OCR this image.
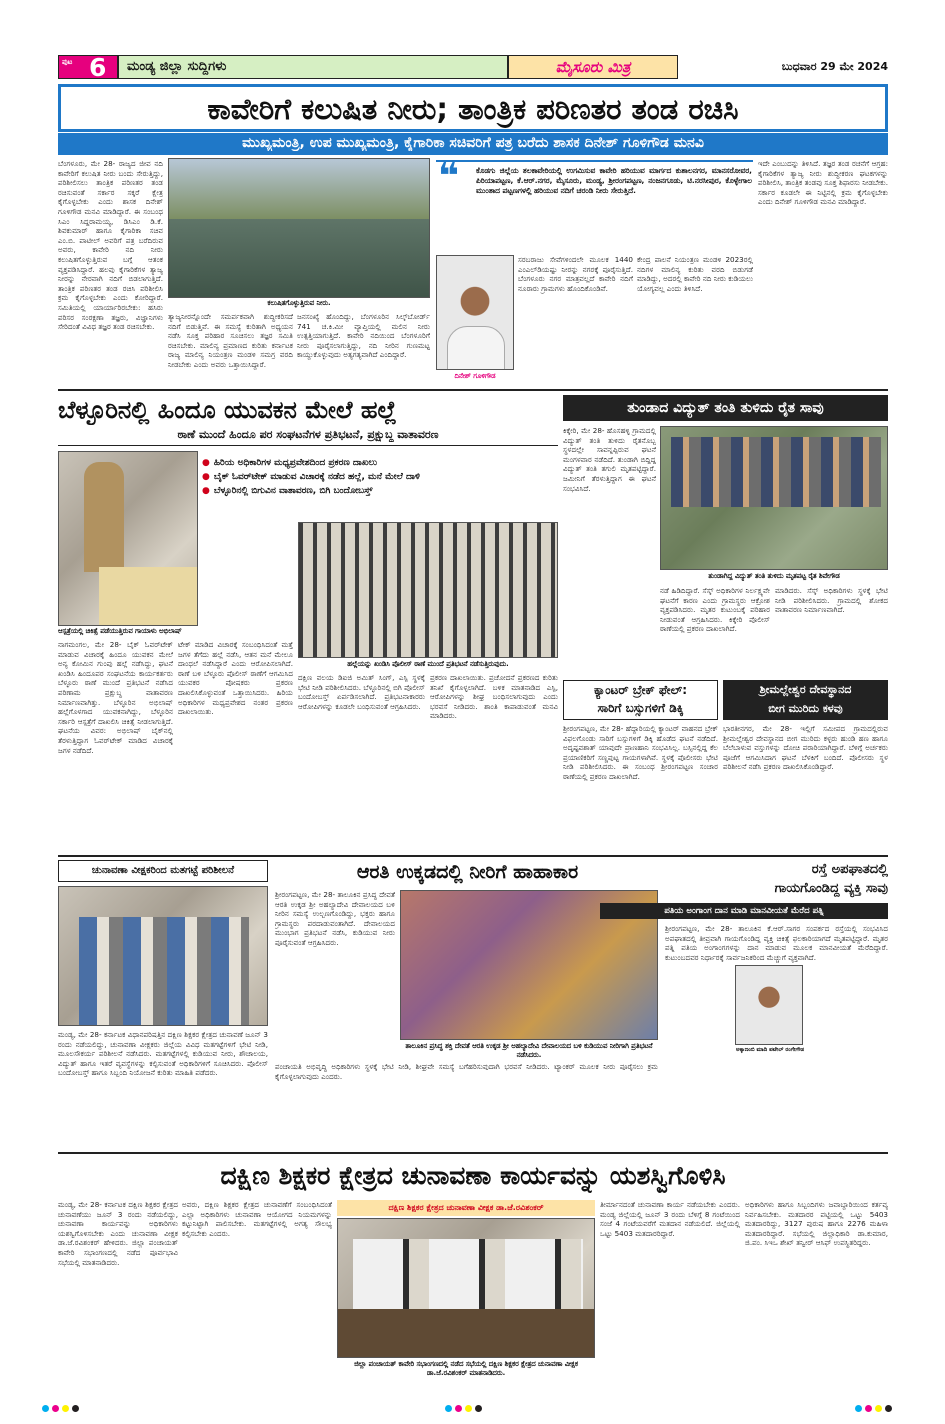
ಪುಟ 6 ಮಂಡ್ಯ ಜಿಲ್ಲಾ ಸುದ್ದಿಗಳು	ಮೈಸೂರು ಮಿತ್ರ	ಬುಧವಾರ 29 ಮೇ 2024
ಕಾವೇರಿಗೆ ಕಲುಷಿತ ನೀರು; ತಾಂತ್ರಿಕ ಪರಿಣತರ ತಂಡ ರಚಿಸಿ
ಮುಖ್ಯಮಂತ್ರಿ, ಉಪ ಮುಖ್ಯಮಂತ್ರಿ, ಕೈಗಾರಿಕಾ ಸಚಿವರಿಗೆ ಪತ್ರ ಬರೆದು ಶಾಸಕ ದಿನೇಶ್ ಗೂಳಿಗೌಡ ಮನವಿ
ಬೆಂಗಳೂರು, ಮೇ 28- ರಾಜ್ಯದ ಜೀವ ನದಿ ಕಾವೇರಿಗೆ ಕಲುಷಿತ ನೀರು ಬಂದು ಸೇರುತ್ತಿದ್ದು, ಪರಿಶೀಲಿಸಲು ತಾಂತ್ರಿಕ ಪರಿಣತರ ತಂಡ ರಚಿಸುವಂತೆ ಸರ್ಕಾರ ಸಕ್ಕರೆ ಕ್ಷೇತ್ರ ಕೈಗೊಳ್ಳಬೇಕು ಎಂದು ಶಾಸಕ ದಿನೇಶ್ ಗೂಳಿಗೌಡ ಮನವಿ ಮಾಡಿದ್ದಾರೆ. ಈ ಸಂಬಂಧ ಸಿಎಂ ಸಿದ್ದರಾಮಯ್ಯ, ಡಿಸಿಎಂ ಡಿ.ಕೆ. ಶಿವಕುಮಾರ್ ಹಾಗೂ ಕೈಗಾರಿಕಾ ಸಚಿವ ಎಂ.ಬಿ. ಪಾಟೀಲ್ ಅವರಿಗೆ ಪತ್ರ ಬರೆದಿರುವ ಅವರು, ಕಾವೇರಿ ನದಿ ನೀರು ಕಲುಷಿತಗೊಳ್ಳುತ್ತಿರುವ ಬಗ್ಗೆ ಆತಂಕ ವ್ಯಕ್ತಪಡಿಸಿದ್ದಾರೆ. ಹಲವು ಕೈಗಾರಿಕೆಗಳ ತ್ಯಾಜ್ಯ ನೀರನ್ನು ನೇರವಾಗಿ ನದಿಗೆ ಬಿಡಲಾಗುತ್ತಿದೆ. ತಾಂತ್ರಿಕ ಪರಿಣತರ ತಂಡ ರಚಿಸಿ ಪರಿಶೀಲಿಸಿ ಕ್ರಮ ಕೈಗೊಳ್ಳಬೇಕು ಎಂದು ಕೋರಿದ್ದಾರೆ. ಸಮಿತಿಯಲ್ಲಿ ಯಾರ್ಯಾರಿರಬೇಕು: ಹಸಿರು ಪರಿಸರ ಸಂರಕ್ಷಣಾ ತಜ್ಞರು, ವಿಜ್ಞಾನಿಗಳು ಸೇರಿದಂತೆ ವಿವಿಧ ತಜ್ಞರ ತಂಡ ರಚಿಸಬೇಕು.
ಕಲುಷಿತಗೊಳ್ಳುತ್ತಿರುವ ನೀರು.
ತ್ಯಾಜ್ಯನೀರನ್ನೊಂದೇ ಸಮರ್ಪಕವಾಗಿ ಶುದ್ಧೀಕರಿಸದೆ ನದಿಗೆ ಬಿಡುತ್ತಿವೆ. ಈ ಸಮಸ್ಯೆ ಕುರಿತಾಗಿ ಅಧ್ಯಯನ ನಡೆಸಿ ಸೂಕ್ತ ಪರಿಹಾರ ಸೂಚಿಸಲು ತಜ್ಞರ ಸಮಿತಿ ರಚಿಸಬೇಕು. ಮಾಲಿನ್ಯ ಪ್ರಮಾಣದ ಕುರಿತು ಕರ್ನಾಟಕ ರಾಜ್ಯ ಮಾಲಿನ್ಯ ನಿಯಂತ್ರಣ ಮಂಡಳಿ ಸಮಗ್ರ ವರದಿ ನೀಡಬೇಕು ಎಂದು ಅವರು ಒತ್ತಾಯಿಸಿದ್ದಾರೆ.
ಜನಸಂಖ್ಯೆ ಹೊಂದಿದ್ದು, ಬೆಂಗಳೂರಿನ ಸಿಲ್ಕ್‌ಬೋರ್ಡ್ 741 ಚ.ಕಿ.ಮೀ ವ್ಯಾಪ್ತಿಯಲ್ಲಿ ಮಲಿನ ನೀರು ಉತ್ಪತ್ತಿಯಾಗುತ್ತಿದೆ. ಕಾವೇರಿ ನದಿಯಿಂದ ಬೆಂಗಳೂರಿಗೆ ನೀರು ಪೂರೈಸಲಾಗುತ್ತಿದ್ದು, ನದಿ ನೀರಿನ ಗುಣಮಟ್ಟ ಕಾಯ್ದುಕೊಳ್ಳುವುದು ಅತ್ಯಗತ್ಯವಾಗಿದೆ ಎಂದಿದ್ದಾರೆ.
❝ ಕೊಡಗು ಜಿಲ್ಲೆಯ ತಲಕಾವೇರಿಯಲ್ಲಿ ಉಗಮಿಸುವ ಕಾವೇರಿ ಹರಿಯುವ ಮಾರ್ಗದ ಕುಶಾಲನಗರ, ಮಾನಸರೋವರ, ಪಿರಿಯಾಪಟ್ಟಣ, ಕೆ.ಆರ್.ನಗರ, ಮೈಸೂರು, ಮಂಡ್ಯ, ಶ್ರೀರಂಗಪಟ್ಟಣ, ನಂಜನಗೂಡು, ಟಿ.ನರಸೀಪುರ, ಕೊಳ್ಳೇಗಾಲ ಮುಂತಾದ ಪಟ್ಟಣಗಳಲ್ಲಿ ಹರಿಯುವ ನದಿಗೆ ಚರಂಡಿ ನೀರು ಸೇರುತ್ತಿದೆ.
ದಿನೇಶ್ ಗೂಳಿಗೌಡ
ಸರಬರಾಜು ಸೇವೆಗಳಿಂದಲೇ ಮೂಲಕ 1440 ಎಂಎಲ್‌ಡಿಯಷ್ಟು ನೀರನ್ನು ನಗರಕ್ಕೆ ಪೂರೈಸುತ್ತಿದೆ. ಬೆಂಗಳೂರು ನಗರ ಮಾತ್ರವಲ್ಲದೆ ಕಾವೇರಿ ನದಿಗೆ ನೂರಾರು ಗ್ರಾಮಗಳು ಹೊಂದಿಕೊಂಡಿವೆ.
ಕೇಂದ್ರ ಪಾಲನೆ ನಿಯಂತ್ರಣ ಮಂಡಳಿ 2023ರಲ್ಲಿ ನದಿಗಳ ಮಾಲಿನ್ಯ ಕುರಿತು ವರದಿ ಬಿಡುಗಡೆ ಮಾಡಿದ್ದು, ಅದರಲ್ಲಿ ಕಾವೇರಿ ನದಿ ನೀರು ಕುಡಿಯಲು ಯೋಗ್ಯವಲ್ಲ ಎಂದು ತಿಳಿಸಿದೆ.
ಇದೇ ಎಂಬುದನ್ನು ತಿಳಿಸಿದೆ. ತಜ್ಞರ ತಂಡ ರಚನೆಗೆ ಆಗ್ರಹ: ಕೈಗಾರಿಕೆಗಳ ತ್ಯಾಜ್ಯ ನೀರು ಶುದ್ಧೀಕರಣ ಘಟಕಗಳನ್ನು ಪರಿಶೀಲಿಸಿ, ತಾಂತ್ರಿಕ ತಂಡವು ಸೂಕ್ತ ಶಿಫಾರಸು ನೀಡಬೇಕು. ಸರ್ಕಾರ ಕೂಡಲೇ ಈ ನಿಟ್ಟಿನಲ್ಲಿ ಕ್ರಮ ಕೈಗೊಳ್ಳಬೇಕು ಎಂದು ದಿನೇಶ್ ಗೂಳಿಗೌಡ ಮನವಿ ಮಾಡಿದ್ದಾರೆ.
ಬೆಳ್ಳೂರಿನಲ್ಲಿ ಹಿಂದೂ ಯುವಕನ ಮೇಲೆ ಹಲ್ಲೆ
ಠಾಣೆ ಮುಂದೆ ಹಿಂದೂ ಪರ ಸಂಘಟನೆಗಳ ಪ್ರತಿಭಟನೆ, ಪ್ರಕ್ಷುಬ್ಧ ವಾತಾವರಣ
● ಹಿರಿಯ ಅಧಿಕಾರಿಗಳ ಮಧ್ಯಪ್ರವೇಶದಿಂದ ಪ್ರಕರಣ ದಾಖಲು
● ಬೈಕ್ ಓವರ್‌ಟೇಕ್ ಮಾಡುವ ವಿಚಾರಕ್ಕೆ ನಡೆದ ಹಲ್ಲೆ, ಮನೆ ಮೇಲೆ ದಾಳಿ
● ಬೆಳ್ಳೂರಿನಲ್ಲಿ ಬಿಗುವಿನ ವಾತಾವರಣ, ಬಿಗಿ ಬಂದೋಬಸ್ತ್
ಆಸ್ಪತ್ರೆಯಲ್ಲಿ ಚಿಕಿತ್ಸೆ ಪಡೆಯುತ್ತಿರುವ ಗಾಯಾಳು ಅಭಿಲಾಷ್
ಹಲ್ಲೆಯನ್ನು ಖಂಡಿಸಿ ಪೊಲೀಸ್ ಠಾಣೆ ಮುಂದೆ ಪ್ರತಿಭಟನೆ ನಡೆಸುತ್ತಿರುವುದು.
ನಾಗಮಂಗಲ, ಮೇ 28- ಬೈಕ್ ಓವರ್‌ಟೇಕ್ ಮಾಡುವ ವಿಚಾರಕ್ಕೆ ಹಿಂದೂ ಯುವಕನ ಮೇಲೆ ಅನ್ಯ ಕೋಮಿನ ಗುಂಪು ಹಲ್ಲೆ ನಡೆಸಿದ್ದು, ಘಟನೆ ಖಂಡಿಸಿ ಹಿಂದೂಪರ ಸಂಘಟನೆಯ ಕಾರ್ಯಕರ್ತರು ಬೆಳ್ಳೂರು ಠಾಣೆ ಮುಂದೆ ಪ್ರತಿಭಟನೆ ನಡೆಸಿದ ಪರಿಣಾಮ ಪ್ರಕ್ಷುಬ್ಧ ವಾತಾವರಣ ನಿರ್ಮಾಣವಾಗಿತ್ತು. ಬೆಳ್ಳೂರಿನ ಅಭಿಲಾಷ್ ಹಲ್ಲೆಗೊಳಗಾದ ಯುವಕನಾಗಿದ್ದು, ಬೆಳ್ಳೂರಿನ ಸರ್ಕಾರಿ ಆಸ್ಪತ್ರೆಗೆ ದಾಖಲಿಸಿ ಚಿಕಿತ್ಸೆ ನೀಡಲಾಗುತ್ತಿದೆ. ಘಟನೆಯ ವಿವರ: ಅಭಿಲಾಷ್ ಬೈಕ್‌ನಲ್ಲಿ ತೆರಳುತ್ತಿದ್ದಾಗ ಓವರ್‌ಟೇಕ್ ಮಾಡಿದ ವಿಚಾರಕ್ಕೆ ಜಗಳ ನಡೆದಿದೆ.
ಟೇಕ್ ಮಾಡಿದ ವಿಚಾರಕ್ಕೆ ಸಂಬಂಧಿಸಿದಂತೆ ಮತ್ತೆ ಜಗಳ ತೆಗೆದು ಹಲ್ಲೆ ನಡೆಸಿ, ಆತನ ಮನೆ ಮೇಲೂ ದಾಂಧಲೆ ನಡೆಸಿದ್ದಾರೆ ಎಂದು ಆರೋಪಿಸಲಾಗಿದೆ. ಠಾಣೆ ಬಳಿ ಬೆಳ್ಳೂರು ಪೊಲೀಸ್ ಠಾಣೆಗೆ ಆಗಮಿಸಿದ ಯುವಕರ ಪೋಷಕರು ಪ್ರಕರಣ ದಾಖಲಿಸಿಕೊಳ್ಳುವಂತೆ ಒತ್ತಾಯಿಸಿದರು. ಹಿರಿಯ ಅಧಿಕಾರಿಗಳ ಮಧ್ಯಪ್ರವೇಶದ ನಂತರ ಪ್ರಕರಣ ದಾಖಲಾಯಿತು.
ದಕ್ಷಿಣ ವಲಯ ಡಿಐಜಿ ಅಮಿತ್ ಸಿಂಗ್, ಎಸ್ಪಿ ಸ್ಥಳಕ್ಕೆ ಭೇಟಿ ನೀಡಿ ಪರಿಶೀಲಿಸಿದರು. ಬೆಳ್ಳೂರಿನಲ್ಲಿ ಬಿಗಿ ಪೊಲೀಸ್ ಬಂದೋಬಸ್ತ್ ಏರ್ಪಡಿಸಲಾಗಿದೆ. ಪ್ರತಿಭಟನಾಕಾರರು ಆರೋಪಿಗಳನ್ನು ಕೂಡಲೇ ಬಂಧಿಸುವಂತೆ ಆಗ್ರಹಿಸಿದರು.
ಪ್ರಕರಣ ದಾಖಲಾಯಿತು. ಪ್ರಚೋದನೆ ಪ್ರಕರಣದ ಕುರಿತು ತನಿಖೆ ಕೈಗೊಳ್ಳಲಾಗಿದೆ. ಬಳಿಕ ಮಾತನಾಡಿದ ಎಸ್ಪಿ, ಆರೋಪಿಗಳನ್ನು ಶೀಘ್ರ ಬಂಧಿಸಲಾಗುವುದು ಎಂದು ಭರವಸೆ ನೀಡಿದರು. ಶಾಂತಿ ಕಾಪಾಡುವಂತೆ ಮನವಿ ಮಾಡಿದರು.
ತುಂಡಾದ ವಿದ್ಯುತ್ ತಂತಿ ತುಳಿದು ರೈತ ಸಾವು
ಕಿಕ್ಕೇರಿ, ಮೇ 28- ಹೊಸಹಳ್ಳಿ ಗ್ರಾಮದಲ್ಲಿ ವಿದ್ಯುತ್ ತಂತಿ ತುಳಿದು ರೈತನೊಬ್ಬ ಸ್ಥಳದಲ್ಲೇ ಸಾವನ್ನಪ್ಪಿರುವ ಘಟನೆ ಮಂಗಳವಾರ ನಡೆದಿದೆ. ತುಂಡಾಗಿ ಬಿದ್ದಿದ್ದ ವಿದ್ಯುತ್ ತಂತಿ ತಗುಲಿ ಮೃತಪಟ್ಟಿದ್ದಾರೆ. ಜಮೀನಿಗೆ ತೆರಳುತ್ತಿದ್ದಾಗ ಈ ಘಟನೆ ಸಂಭವಿಸಿದೆ.
ತುಂಡಾಗಿದ್ದ ವಿದ್ಯುತ್ ತಂತಿ ತುಳಿದು ಮೃತಪಟ್ಟ ರೈತ ಶಿವೇಗೌಡ
ನಡೆ ಹಿಡಿದಿದ್ದಾರೆ. ಸೆಸ್ಕ್ ಅಧಿಕಾರಿಗಳ ನಿರ್ಲಕ್ಷ್ಯವೇ ಘಟನೆಗೆ ಕಾರಣ ಎಂದು ಗ್ರಾಮಸ್ಥರು ಆಕ್ರೋಶ ವ್ಯಕ್ತಪಡಿಸಿದರು. ಮೃತರ ಕುಟುಂಬಕ್ಕೆ ಪರಿಹಾರ ನೀಡುವಂತೆ ಆಗ್ರಹಿಸಿದರು. ಕಿಕ್ಕೇರಿ ಪೊಲೀಸ್ ಠಾಣೆಯಲ್ಲಿ ಪ್ರಕರಣ ದಾಖಲಾಗಿದೆ.
ಮಾಡಿದರು. ಸೆಸ್ಕ್ ಅಧಿಕಾರಿಗಳು ಸ್ಥಳಕ್ಕೆ ಭೇಟಿ ನೀಡಿ ಪರಿಶೀಲಿಸಿದರು. ಗ್ರಾಮದಲ್ಲಿ ಶೋಕದ ವಾತಾವರಣ ನಿರ್ಮಾಣವಾಗಿದೆ.
ಕ್ಯಾಂಟರ್ ಬ್ರೇಕ್ ಫೇಲ್:
ಸಾರಿಗೆ ಬಸ್ಸುಗಳಿಗೆ ಡಿಕ್ಕಿ
ಶ್ರೀರಂಗಪಟ್ಟಣ, ಮೇ 28- ಹೆದ್ದಾರಿಯಲ್ಲಿ ಕ್ಯಾಂಟರ್ ವಾಹನದ ಬ್ರೇಕ್ ವಿಫಲಗೊಂಡು ಸಾರಿಗೆ ಬಸ್ಸುಗಳಿಗೆ ಡಿಕ್ಕಿ ಹೊಡೆದ ಘಟನೆ ನಡೆದಿದೆ. ಅದೃಷ್ಟವಶಾತ್ ಯಾವುದೇ ಪ್ರಾಣಹಾನಿ ಸಂಭವಿಸಿಲ್ಲ. ಬಸ್ಸಿನಲ್ಲಿದ್ದ ಕೆಲ ಪ್ರಯಾಣಿಕರಿಗೆ ಸಣ್ಣಪುಟ್ಟ ಗಾಯಗಳಾಗಿವೆ. ಸ್ಥಳಕ್ಕೆ ಪೊಲೀಸರು ಭೇಟಿ ನೀಡಿ ಪರಿಶೀಲಿಸಿದರು. ಈ ಸಂಬಂಧ ಶ್ರೀರಂಗಪಟ್ಟಣ ಸಂಚಾರ ಠಾಣೆಯಲ್ಲಿ ಪ್ರಕರಣ ದಾಖಲಾಗಿದೆ.
ಶ್ರೀಮಲ್ಲೇಶ್ವರ ದೇವಸ್ಥಾನದ
ಬೀಗ ಮುರಿದು ಕಳವು
ಭಾರತೀನಗರ, ಮೇ 28- ಇಲ್ಲಿಗೆ ಸಮೀಪದ ಗ್ರಾಮದಲ್ಲಿರುವ ಶ್ರೀಮಲ್ಲೇಶ್ವರ ದೇವಸ್ಥಾನದ ಬೀಗ ಮುರಿದು ಕಳ್ಳರು ಹುಂಡಿ ಹಣ ಹಾಗೂ ಬೆಲೆಬಾಳುವ ವಸ್ತುಗಳನ್ನು ದೋಚಿ ಪರಾರಿಯಾಗಿದ್ದಾರೆ. ಬೆಳಿಗ್ಗೆ ಅರ್ಚಕರು ಪೂಜೆಗೆ ಆಗಮಿಸಿದಾಗ ಘಟನೆ ಬೆಳಕಿಗೆ ಬಂದಿದೆ. ಪೊಲೀಸರು ಸ್ಥಳ ಪರಿಶೀಲನೆ ನಡೆಸಿ ಪ್ರಕರಣ ದಾಖಲಿಸಿಕೊಂಡಿದ್ದಾರೆ.
ಚುನಾವಣಾ ವೀಕ್ಷಕರಿಂದ ಮತಗಟ್ಟೆ ಪರಿಶೀಲನೆ
ಮಂಡ್ಯ, ಮೇ 28- ಕರ್ನಾಟಕ ವಿಧಾನಪರಿಷತ್ತಿನ ದಕ್ಷಿಣ ಶಿಕ್ಷಕರ ಕ್ಷೇತ್ರದ ಚುನಾವಣೆ ಜೂನ್ 3 ರಂದು ನಡೆಯಲಿದ್ದು, ಚುನಾವಣಾ ವೀಕ್ಷಕರು ಜಿಲ್ಲೆಯ ವಿವಿಧ ಮತಗಟ್ಟೆಗಳಿಗೆ ಭೇಟಿ ನೀಡಿ, ಮೂಲಸೌಕರ್ಯ ಪರಿಶೀಲನೆ ನಡೆಸಿದರು. ಮತಗಟ್ಟೆಗಳಲ್ಲಿ ಕುಡಿಯುವ ನೀರು, ಶೌಚಾಲಯ, ವಿದ್ಯುತ್ ಹಾಗೂ ಇತರೆ ವ್ಯವಸ್ಥೆಗಳನ್ನು ಕಲ್ಪಿಸುವಂತೆ ಅಧಿಕಾರಿಗಳಿಗೆ ಸೂಚಿಸಿದರು. ಪೊಲೀಸ್ ಬಂದೋಬಸ್ತ್ ಹಾಗೂ ಸಿಬ್ಬಂದಿ ನಿಯೋಜನೆ ಕುರಿತು ಮಾಹಿತಿ ಪಡೆದರು.
ಆರತಿ ಉಕ್ಕಡದಲ್ಲಿ ನೀರಿಗೆ ಹಾಹಾಕಾರ
ಶ್ರೀರಂಗಪಟ್ಟಣ, ಮೇ 28- ತಾಲೂಕಿನ ಪ್ರಸಿದ್ಧ ದೇವತೆ ಆರತಿ ಉಕ್ಕಡ ಶ್ರೀ ಅಹಲ್ಯಾದೇವಿ ದೇವಾಲಯದ ಬಳಿ ನೀರಿನ ಸಮಸ್ಯೆ ಉಲ್ಬಣಗೊಂಡಿದ್ದು, ಭಕ್ತರು ಹಾಗೂ ಗ್ರಾಮಸ್ಥರು ಪರದಾಡುವಂತಾಗಿದೆ. ದೇವಾಲಯದ ಮುಂಭಾಗ ಪ್ರತಿಭಟನೆ ನಡೆಸಿ, ಕುಡಿಯುವ ನೀರು ಪೂರೈಸುವಂತೆ ಆಗ್ರಹಿಸಿದರು.
ತಾಲೂಕಿನ ಪ್ರಸಿದ್ಧ ಶಕ್ತಿ ದೇವತೆ ಆರತಿ ಉಕ್ಕಡ ಶ್ರೀ ಅಹಲ್ಯಾದೇವಿ ದೇವಾಲಯದ ಬಳಿ ಕುಡಿಯುವ ನೀರಿಗಾಗಿ ಪ್ರತಿಭಟನೆ ನಡೆಸಿದರು.
ಪಂಚಾಯತಿ ಅಭಿವೃದ್ಧಿ ಅಧಿಕಾರಿಗಳು ಸ್ಥಳಕ್ಕೆ ಭೇಟಿ ನೀಡಿ, ಶೀಘ್ರವೇ ಸಮಸ್ಯೆ ಬಗೆಹರಿಸುವುದಾಗಿ ಭರವಸೆ ನೀಡಿದರು. ಟ್ಯಾಂಕರ್ ಮೂಲಕ ನೀರು ಪೂರೈಸಲು ಕ್ರಮ ಕೈಗೊಳ್ಳಲಾಗುವುದು ಎಂದರು.
ರಸ್ತೆ ಅಪಘಾತದಲ್ಲಿ
ಗಾಯಗೊಂಡಿದ್ದ ವ್ಯಕ್ತಿ ಸಾವು
ಪತಿಯ ಅಂಗಾಂಗ ದಾನ ಮಾಡಿ ಮಾನವೀಯತೆ ಮೆರೆದ ಪತ್ನಿ
ಅಕ್ಕಾಣಂಬಿ ಮಾದಿ ಪಟೇಲ್ ರಂಗೇಗೌಡ
ಶ್ರೀರಂಗಪಟ್ಟಣ, ಮೇ 28- ತಾಲೂಕಿನ ಕೆ.ಆರ್.ಸಾಗರ ಸಂಪರ್ಕದ ರಸ್ತೆಯಲ್ಲಿ ಸಂಭವಿಸಿದ ಅಪಘಾತದಲ್ಲಿ ತೀವ್ರವಾಗಿ ಗಾಯಗೊಂಡಿದ್ದ ವ್ಯಕ್ತಿ ಚಿಕಿತ್ಸೆ ಫಲಕಾರಿಯಾಗದೆ ಮೃತಪಟ್ಟಿದ್ದಾರೆ. ಮೃತರ ಪತ್ನಿ ಪತಿಯ ಅಂಗಾಂಗಗಳನ್ನು ದಾನ ಮಾಡುವ ಮೂಲಕ ಮಾನವೀಯತೆ ಮೆರೆದಿದ್ದಾರೆ. ಕುಟುಂಬದವರ ನಿರ್ಧಾರಕ್ಕೆ ಸಾರ್ವಜನಿಕರಿಂದ ಮೆಚ್ಚುಗೆ ವ್ಯಕ್ತವಾಗಿದೆ.
ದಕ್ಷಿಣ ಶಿಕ್ಷಕರ ಕ್ಷೇತ್ರದ ಚುನಾವಣಾ ಕಾರ್ಯವನ್ನು ಯಶಸ್ವಿಗೊಳಿಸಿ
ಮಂಡ್ಯ, ಮೇ 28- ಕರ್ನಾಟಕ ದಕ್ಷಿಣ ಶಿಕ್ಷಕರ ಕ್ಷೇತ್ರದ ಚುನಾವಣೆಯು ಜೂನ್ 3 ರಂದು ನಡೆಯಲಿದ್ದು, ಚುನಾವಣಾ ಕಾರ್ಯವನ್ನು ಅಧಿಕಾರಿಗಳು ಯಶಸ್ವಿಗೊಳಿಸಬೇಕು ಎಂದು ಚುನಾವಣಾ ವೀಕ್ಷಕ ಡಾ.ಜೆ.ರವಿಶಂಕರ್ ಹೇಳಿದರು. ಜಿಲ್ಲಾ ಪಂಚಾಯತ್ ಕಾವೇರಿ ಸಭಾಂಗಣದಲ್ಲಿ ನಡೆದ ಪೂರ್ವಭಾವಿ ಸಭೆಯಲ್ಲಿ ಮಾತನಾಡಿದರು.
ಅವರು, ದಕ್ಷಿಣ ಶಿಕ್ಷಕರ ಕ್ಷೇತ್ರದ ಚುನಾವಣೆಗೆ ಸಂಬಂಧಿಸಿದಂತೆ ಎಲ್ಲಾ ಅಧಿಕಾರಿಗಳು ಚುನಾವಣಾ ಆಯೋಗದ ನಿಯಮಗಳನ್ನು ಕಟ್ಟುನಿಟ್ಟಾಗಿ ಪಾಲಿಸಬೇಕು. ಮತಗಟ್ಟೆಗಳಲ್ಲಿ ಅಗತ್ಯ ಸೌಲಭ್ಯ ಕಲ್ಪಿಸಬೇಕು ಎಂದರು.
ದಕ್ಷಿಣ ಶಿಕ್ಷಕರ ಕ್ಷೇತ್ರದ ಚುನಾವಣಾ ವೀಕ್ಷಕ ಡಾ.ಜೆ.ರವಿಶಂಕರ್
ಜಿಲ್ಲಾ ಪಂಚಾಯತ್ ಕಾವೇರಿ ಸಭಾಂಗಣದಲ್ಲಿ ನಡೆದ ಸಭೆಯಲ್ಲಿ ದಕ್ಷಿಣ ಶಿಕ್ಷಕರ ಕ್ಷೇತ್ರದ ಚುನಾವಣಾ ವೀಕ್ಷಕ ಡಾ.ಜೆ.ರವಿಶಂಕರ್ ಮಾತನಾಡಿದರು.
ತೀರ್ಮಾನದಂತೆ ಚುನಾವಣಾ ಕಾರ್ಯ ನಡೆಯಬೇಕು ಎಂದರು. ಮಂಡ್ಯ ಜಿಲ್ಲೆಯಲ್ಲಿ ಜೂನ್ 3 ರಂದು ಬೆಳಿಗ್ಗೆ 8 ಗಂಟೆಯಿಂದ ಸಂಜೆ 4 ಗಂಟೆಯವರೆಗೆ ಮತದಾನ ನಡೆಯಲಿದೆ. ಜಿಲ್ಲೆಯಲ್ಲಿ ಒಟ್ಟು 5403 ಮತದಾರರಿದ್ದಾರೆ.
ಅಧಿಕಾರಿಗಳು ಹಾಗೂ ಸಿಬ್ಬಂದಿಗಳು ಜವಾಬ್ದಾರಿಯಿಂದ ಕರ್ತವ್ಯ ನಿರ್ವಹಿಸಬೇಕು. ಮತದಾರರ ಪಟ್ಟಿಯಲ್ಲಿ ಒಟ್ಟು 5403 ಮತದಾರರಿದ್ದು, 3127 ಪುರುಷ ಹಾಗೂ 2276 ಮಹಿಳಾ ಮತದಾರರಿದ್ದಾರೆ. ಸಭೆಯಲ್ಲಿ ಜಿಲ್ಲಾಧಿಕಾರಿ ಡಾ.ಕುಮಾರ, ಜಿ.ಪಂ. ಸಿಇಒ ಶೇಖ್ ತನ್ವೀರ್ ಆಸಿಫ್ ಉಪಸ್ಥಿತರಿದ್ದರು.
